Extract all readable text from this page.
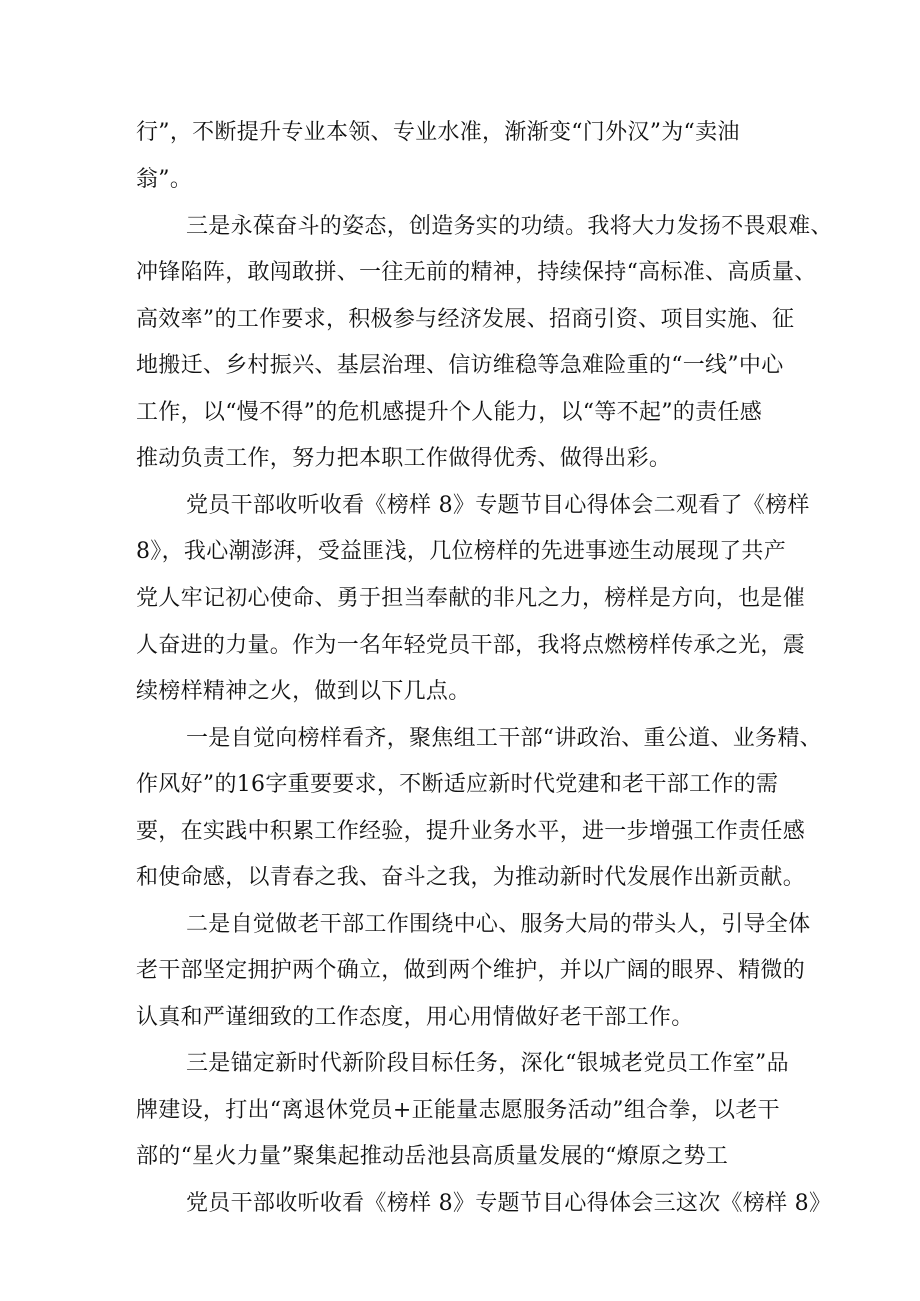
行”，不断提升专业本领、专业水准，渐渐变“门外汉”为“卖油
翁”。
三是永葆奋斗的姿态，创造务实的功绩。我将大力发扬不畏艰难、
冲锋陷阵，敢闯敢拼、一往无前的精神，持续保持“高标准、高质量、
高效率”的工作要求，积极参与经济发展、招商引资、项目实施、征
地搬迁、乡村振兴、基层治理、信访维稳等急难险重的“一线”中心
工作，以“慢不得”的危机感提升个人能力，以“等不起”的责任感
推动负责工作，努力把本职工作做得优秀、做得出彩。
党员干部收听收看《榜样 8》专题节目心得体会二观看了《榜样
8》，我心潮澎湃，受益匪浅，几位榜样的先进事迹生动展现了共产
党人牢记初心使命、勇于担当奉献的非凡之力，榜样是方向，也是催
人奋进的力量。作为一名年轻党员干部，我将点燃榜样传承之光，震
续榜样精神之火，做到以下几点。
一是自觉向榜样看齐，聚焦组工干部“讲政治、重公道、业务精、
作风好”的16字重要要求，不断适应新时代党建和老干部工作的需
要，在实践中积累工作经验，提升业务水平，进一步增强工作责任感
和使命感，以青春之我、奋斗之我，为推动新时代发展作出新贡献。
二是自觉做老干部工作围绕中心、服务大局的带头人，引导全体
老干部坚定拥护两个确立，做到两个维护，并以广阔的眼界、精微的
认真和严谨细致的工作态度，用心用情做好老干部工作。
三是锚定新时代新阶段目标任务，深化“银城老党员工作室”品
牌建设，打出“离退休党员+正能量志愿服务活动”组合拳，以老干
部的“星火力量”聚集起推动岳池县高质量发展的“燎原之势工
党员干部收听收看《榜样 8》专题节目心得体会三这次《榜样 8》
